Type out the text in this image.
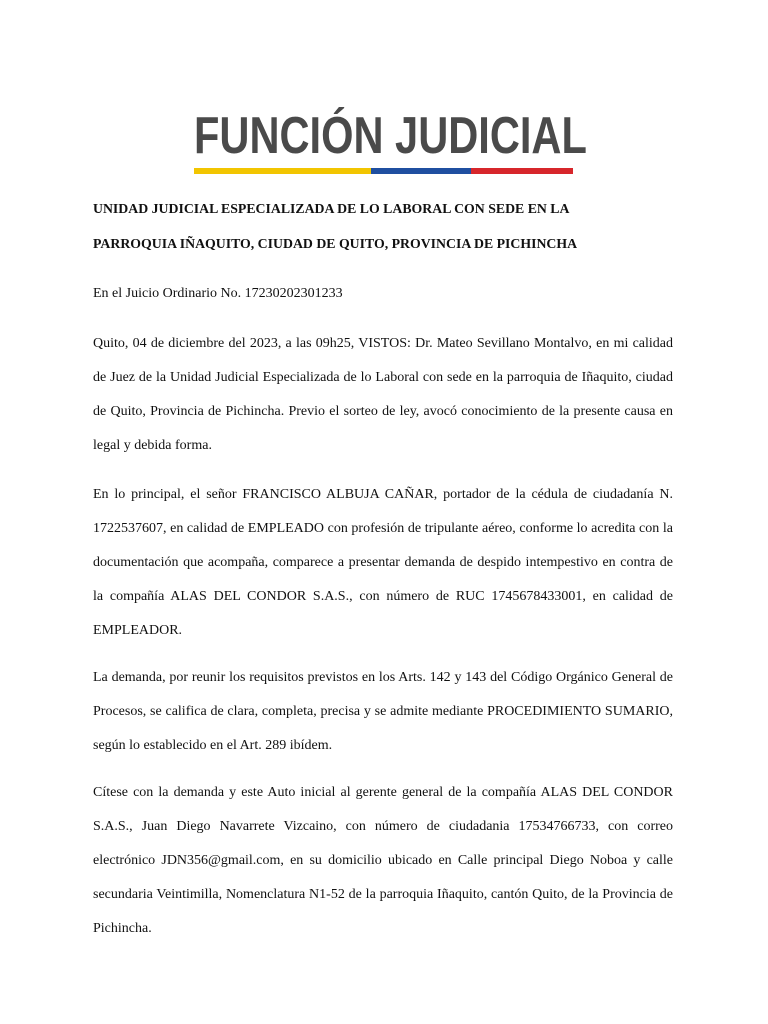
FUNCIÓN JUDICIAL
UNIDAD JUDICIAL ESPECIALIZADA DE LO LABORAL CON SEDE EN LA
PARROQUIA IÑAQUITO, CIUDAD DE QUITO, PROVINCIA DE PICHINCHA
En el Juicio Ordinario No. 17230202301233
Quito, 04 de diciembre del 2023, a las 09h25, VISTOS: Dr. Mateo Sevillano Montalvo, en mi calidad de Juez de la Unidad Judicial Especializada de lo Laboral con sede en la parroquia de Iñaquito, ciudad de Quito, Provincia de Pichincha. Previo el sorteo de ley, avocó conocimiento de la presente causa en legal y debida forma.
En lo principal, el señor FRANCISCO ALBUJA CAÑAR, portador de la cédula de ciudadanía N. 1722537607, en calidad de EMPLEADO con profesión de tripulante aéreo, conforme lo acredita con la documentación que acompaña, comparece a presentar demanda de despido intempestivo en contra de la compañía ALAS DEL CONDOR S.A.S., con número de RUC 1745678433001, en calidad de EMPLEADOR.
La demanda, por reunir los requisitos previstos en los Arts. 142 y 143 del Código Orgánico General de Procesos, se califica de clara, completa, precisa y se admite mediante PROCEDIMIENTO SUMARIO, según lo establecido en el Art. 289 ibídem.
Cítese con la demanda y este Auto inicial al gerente general de la compañía ALAS DEL CONDOR S.A.S., Juan Diego Navarrete Vizcaino, con número de ciudadania 17534766733, con correo electrónico JDN356@gmail.com, en su domicilio ubicado en Calle principal Diego Noboa y calle secundaria Veintimilla, Nomenclatura N1-52 de la parroquia Iñaquito, cantón Quito, de la Provincia de Pichincha.
